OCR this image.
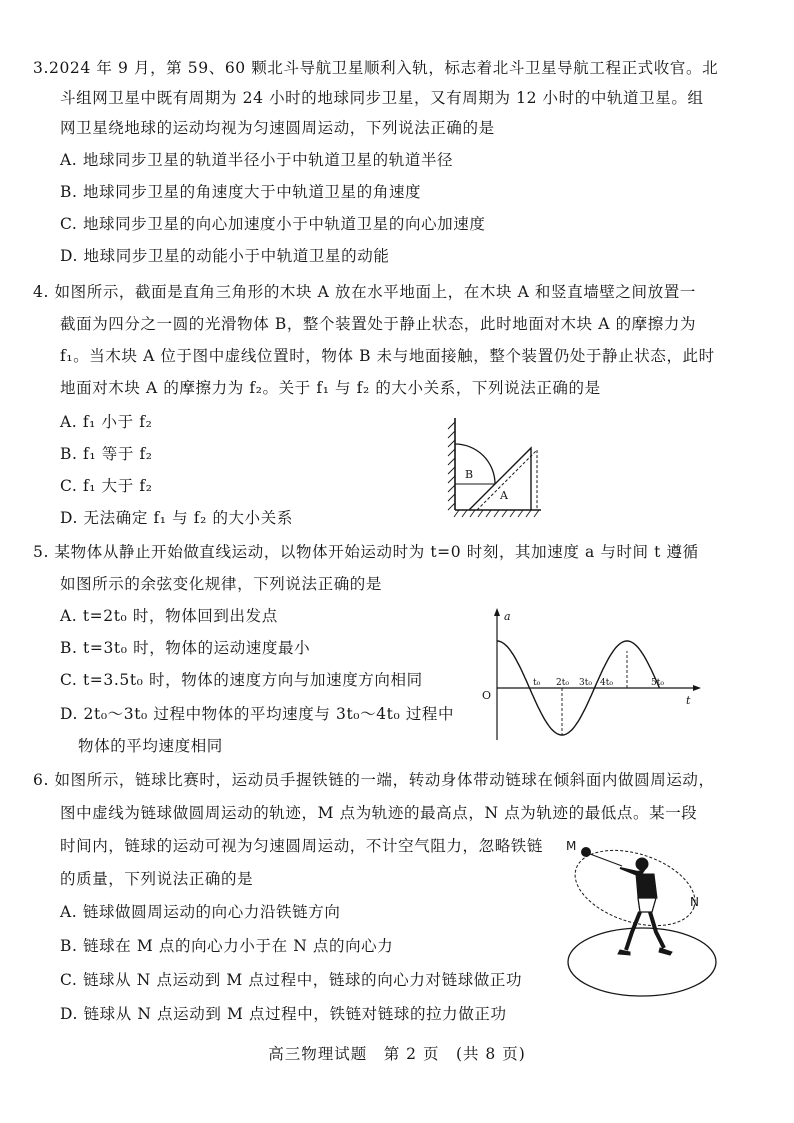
3.2024 年 9 月，第 59、60 颗北斗导航卫星顺利入轨，标志着北斗卫星导航工程正式收官。北
斗组网卫星中既有周期为 24 小时的地球同步卫星，又有周期为 12 小时的中轨道卫星。组
网卫星绕地球的运动均视为匀速圆周运动，下列说法正确的是
A. 地球同步卫星的轨道半径小于中轨道卫星的轨道半径
B. 地球同步卫星的角速度大于中轨道卫星的角速度
C. 地球同步卫星的向心加速度小于中轨道卫星的向心加速度
D. 地球同步卫星的动能小于中轨道卫星的动能
4. 如图所示，截面是直角三角形的木块 A 放在水平地面上，在木块 A 和竖直墙壁之间放置一
截面为四分之一圆的光滑物体 B，整个装置处于静止状态，此时地面对木块 A 的摩擦力为
f₁。当木块 A 位于图中虚线位置时，物体 B 未与地面接触，整个装置仍处于静止状态，此时
地面对木块 A 的摩擦力为 f₂。关于 f₁ 与 f₂ 的大小关系，下列说法正确的是
A. f₁ 小于 f₂
B. f₁ 等于 f₂
C. f₁ 大于 f₂
D. 无法确定 f₁ 与 f₂ 的大小关系
B
A
5. 某物体从静止开始做直线运动，以物体开始运动时为 t=0 时刻，其加速度 a 与时间 t 遵循
如图所示的余弦变化规律，下列说法正确的是
A. t=2t₀ 时，物体回到出发点
B. t=3t₀ 时，物体的运动速度最小
C. t=3.5t₀ 时，物体的速度方向与加速度方向相同
D. 2t₀～3t₀ 过程中物体的平均速度与 3t₀～4t₀ 过程中
物体的平均速度相同
a
t
O
t₀ 2t₀ 3t₀ 4t₀	5t₀
6. 如图所示，链球比赛时，运动员手握铁链的一端，转动身体带动链球在倾斜面内做圆周运动，
图中虚线为链球做圆周运动的轨迹，M 点为轨迹的最高点，N 点为轨迹的最低点。某一段
时间内，链球的运动可视为匀速圆周运动，不计空气阻力，忽略铁链
的质量，下列说法正确的是
A. 链球做圆周运动的向心力沿铁链方向
B. 链球在 M 点的向心力小于在 N 点的向心力
C. 链球从 N 点运动到 M 点过程中，链球的向心力对链球做正功
D. 链球从 N 点运动到 M 点过程中，铁链对链球的拉力做正功
M
N
高三物理试题　第 2 页　(共 8 页)
